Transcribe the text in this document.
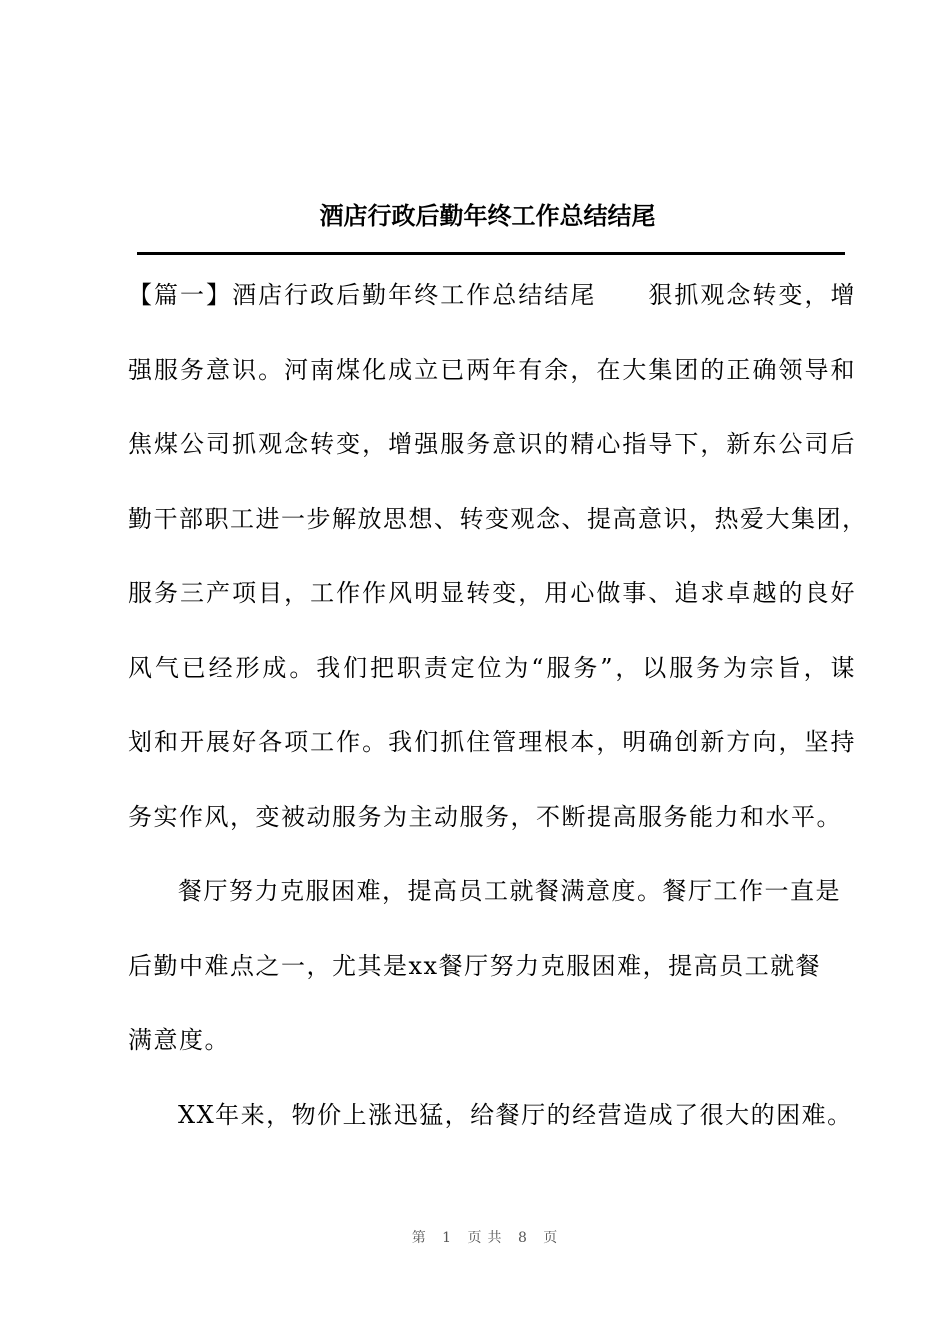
酒店行政后勤年终工作总结结尾
【篇一】酒店行政后勤年终工作总结结尾　　狠抓观念转变，增
强服务意识。河南煤化成立已两年有余，在大集团的正确领导和
焦煤公司抓观念转变，增强服务意识的精心指导下，新东公司后
勤干部职工进一步解放思想、转变观念、提高意识，热爱大集团，
服务三产项目，工作作风明显转变，用心做事、追求卓越的良好
风气已经形成。我们把职责定位为“服务”，以服务为宗旨，谋
划和开展好各项工作。我们抓住管理根本，明确创新方向，坚持
务实作风，变被动服务为主动服务，不断提高服务能力和水平。
餐厅努力克服困难，提高员工就餐满意度。餐厅工作一直是
后勤中难点之一，尤其是xx餐厅努力克服困难，提高员工就餐
满意度。
XX年来，物价上涨迅猛，给餐厅的经营造成了很大的困难。
第 1 页共 8 页
